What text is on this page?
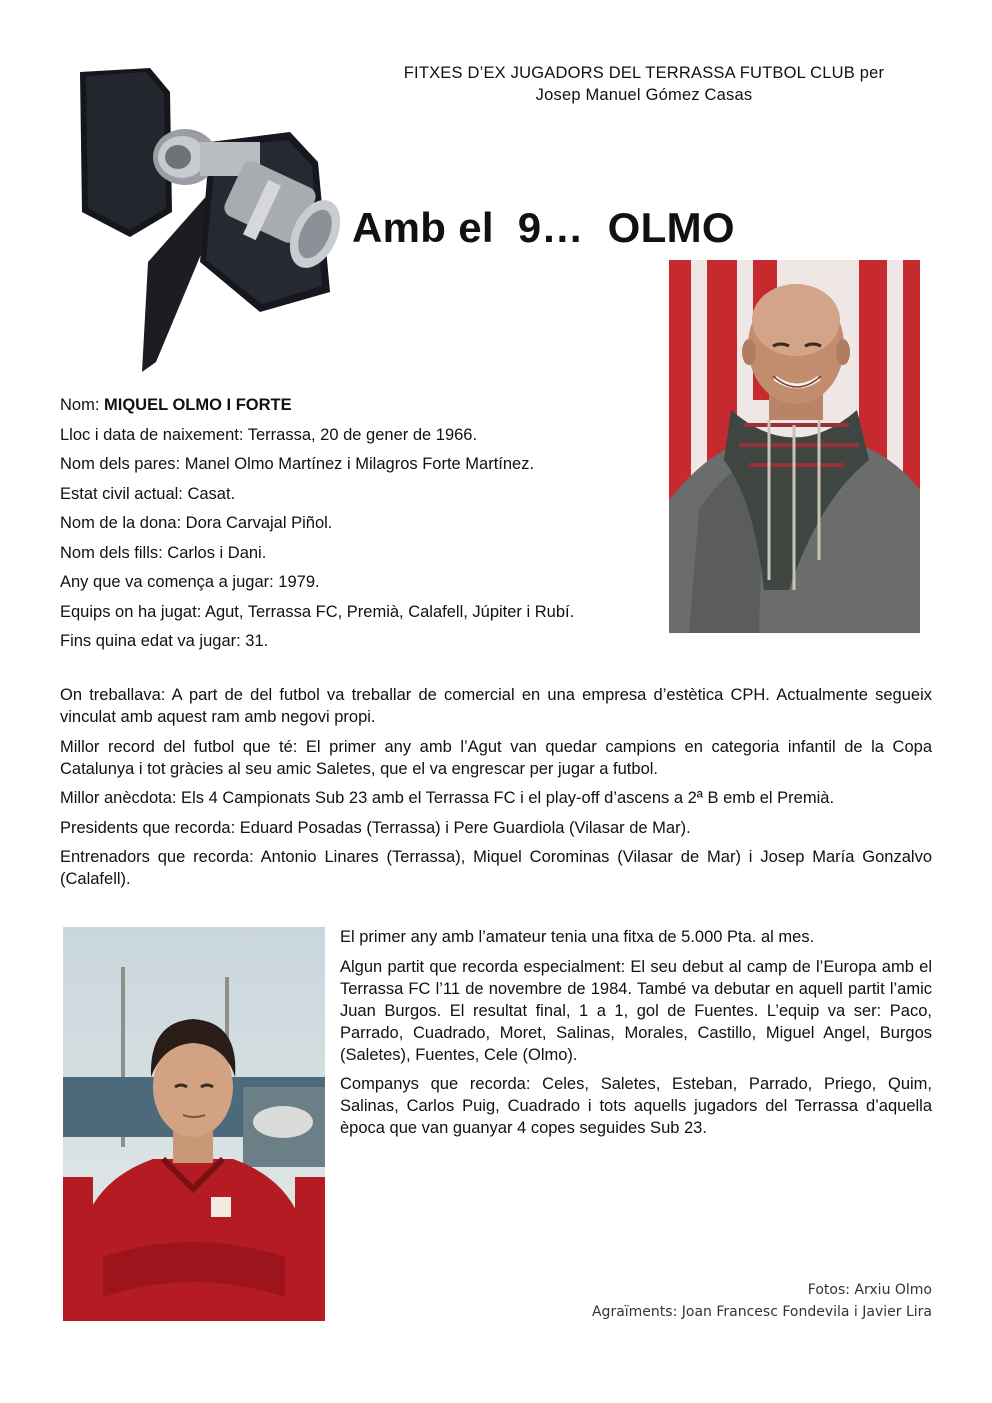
FITXES D’EX JUGADORS DEL TERRASSA FUTBOL CLUB per
Josep Manuel Gómez Casas
Amb el  9…  OLMO

Nom: MIQUEL OLMO I FORTE

Lloc i data de naixement: Terrassa, 20 de gener de 1966.

Nom dels pares: Manel Olmo Martínez i Milagros Forte Martínez.

Estat civil actual: Casat.

Nom de la dona: Dora Carvajal Piñol.

Nom dels fills: Carlos i Dani.

Any que va comença a jugar: 1979.

Equips on ha jugat: Agut, Terrassa FC, Premià, Calafell, Júpiter i Rubí.

Fins quina edat va jugar: 31.

On treballava: A part de del futbol va treballar de comercial en una empresa d’estètica CPH. Actualmente segueix vinculat amb aquest ram amb negovi propi.

Millor record del futbol que té: El primer any amb l’Agut van quedar campions en categoria infantil de la Copa Catalunya i tot gràcies al seu amic Saletes, que el va engrescar per jugar a futbol.

Millor anècdota: Els 4 Campionats Sub 23 amb el Terrassa FC i el play-off d’ascens a 2ª B emb el Premià.

Presidents que recorda: Eduard Posadas (Terrassa) i Pere Guardiola (Vilasar de Mar).

Entrenadors que recorda: Antonio Linares (Terrassa), Miquel Corominas (Vilasar de Mar) i Josep María Gonzalvo (Calafell).

El primer any amb l’amateur tenia una fitxa de 5.000 Pta. al mes.

Algun partit que recorda especialment: El seu debut al camp de l’Europa amb el Terrassa FC l’11 de novembre de 1984. També va debutar en aquell partit l’amic Juan Burgos. El resultat final, 1 a 1, gol de Fuentes. L’equip va ser: Paco, Parrado, Cuadrado, Moret, Salinas, Morales, Castillo, Miguel Angel, Burgos (Saletes), Fuentes, Cele (Olmo).

Companys que recorda: Celes, Saletes, Esteban, Parrado, Priego, Quim, Salinas, Carlos Puig, Cuadrado i tots aquells jugadors del Terrassa d’aquella època que van guanyar 4 copes seguides Sub 23.

Fotos: Arxiu Olmo
Agraïments: Joan Francesc Fondevila i Javier Lira
